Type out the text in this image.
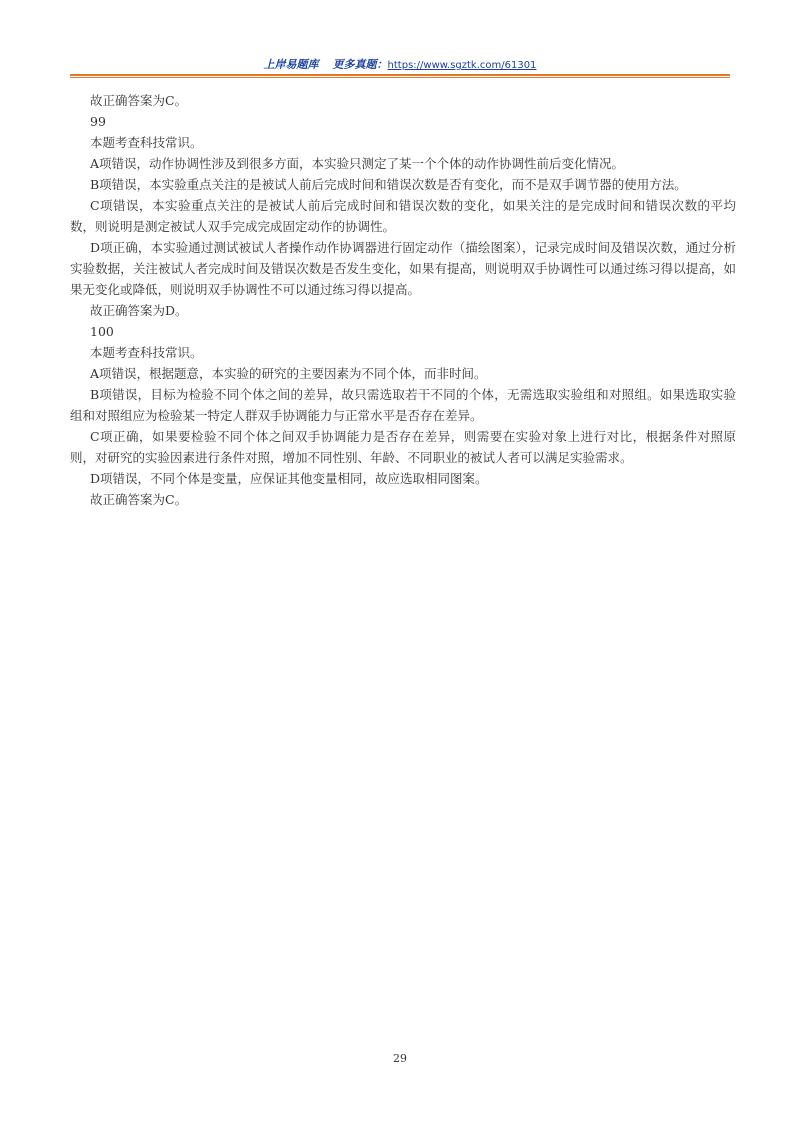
上岸易题库 更多真题：https://www.sgztk.com/61301

故正确答案为C。

99

本题考查科技常识。

A项错误，动作协调性涉及到很多方面，本实验只测定了某一个个体的动作协调性前后变化情况。

B项错误，本实验重点关注的是被试人前后完成时间和错误次数是否有变化，而不是双手调节器的使用方法。

C项错误，本实验重点关注的是被试人前后完成时间和错误次数的变化，如果关注的是完成时间和错误次数的平均数，则说明是测定被试人双手完成完成固定动作的协调性。

D项正确，本实验通过测试被试人者操作动作协调器进行固定动作（描绘图案），记录完成时间及错误次数，通过分析实验数据，关注被试人者完成时间及错误次数是否发生变化，如果有提高，则说明双手协调性可以通过练习得以提高，如果无变化或降低，则说明双手协调性不可以通过练习得以提高。

故正确答案为D。

100

本题考查科技常识。

A项错误，根据题意，本实验的研究的主要因素为不同个体，而非时间。

B项错误，目标为检验不同个体之间的差异，故只需选取若干不同的个体，无需选取实验组和对照组。如果选取实验组和对照组应为检验某一特定人群双手协调能力与正常水平是否存在差异。

C项正确，如果要检验不同个体之间双手协调能力是否存在差异，则需要在实验对象上进行对比，根据条件对照原则，对研究的实验因素进行条件对照，增加不同性别、年龄、不同职业的被试人者可以满足实验需求。

D项错误，不同个体是变量，应保证其他变量相同，故应选取相同图案。

故正确答案为C。

29
